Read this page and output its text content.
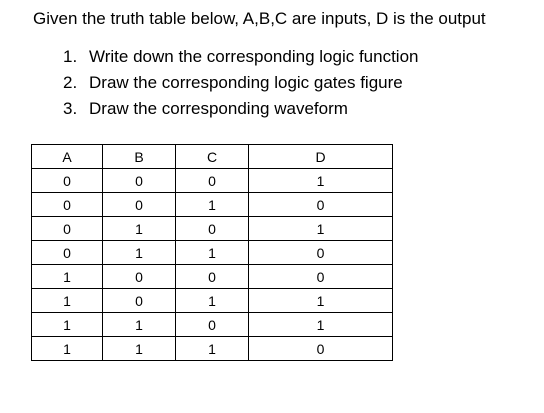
Given the truth table below, A,B,C are inputs, D is the output
1. Write down the corresponding logic function
2. Draw the corresponding logic gates figure
3. Draw the corresponding waveform
A	B	C	D
0	0	0	1
0	0	1	0
0	1	0	1
0	1	1	0
1	0	0	0
1	0	1	1
1	1	0	1
1	1	1	0
